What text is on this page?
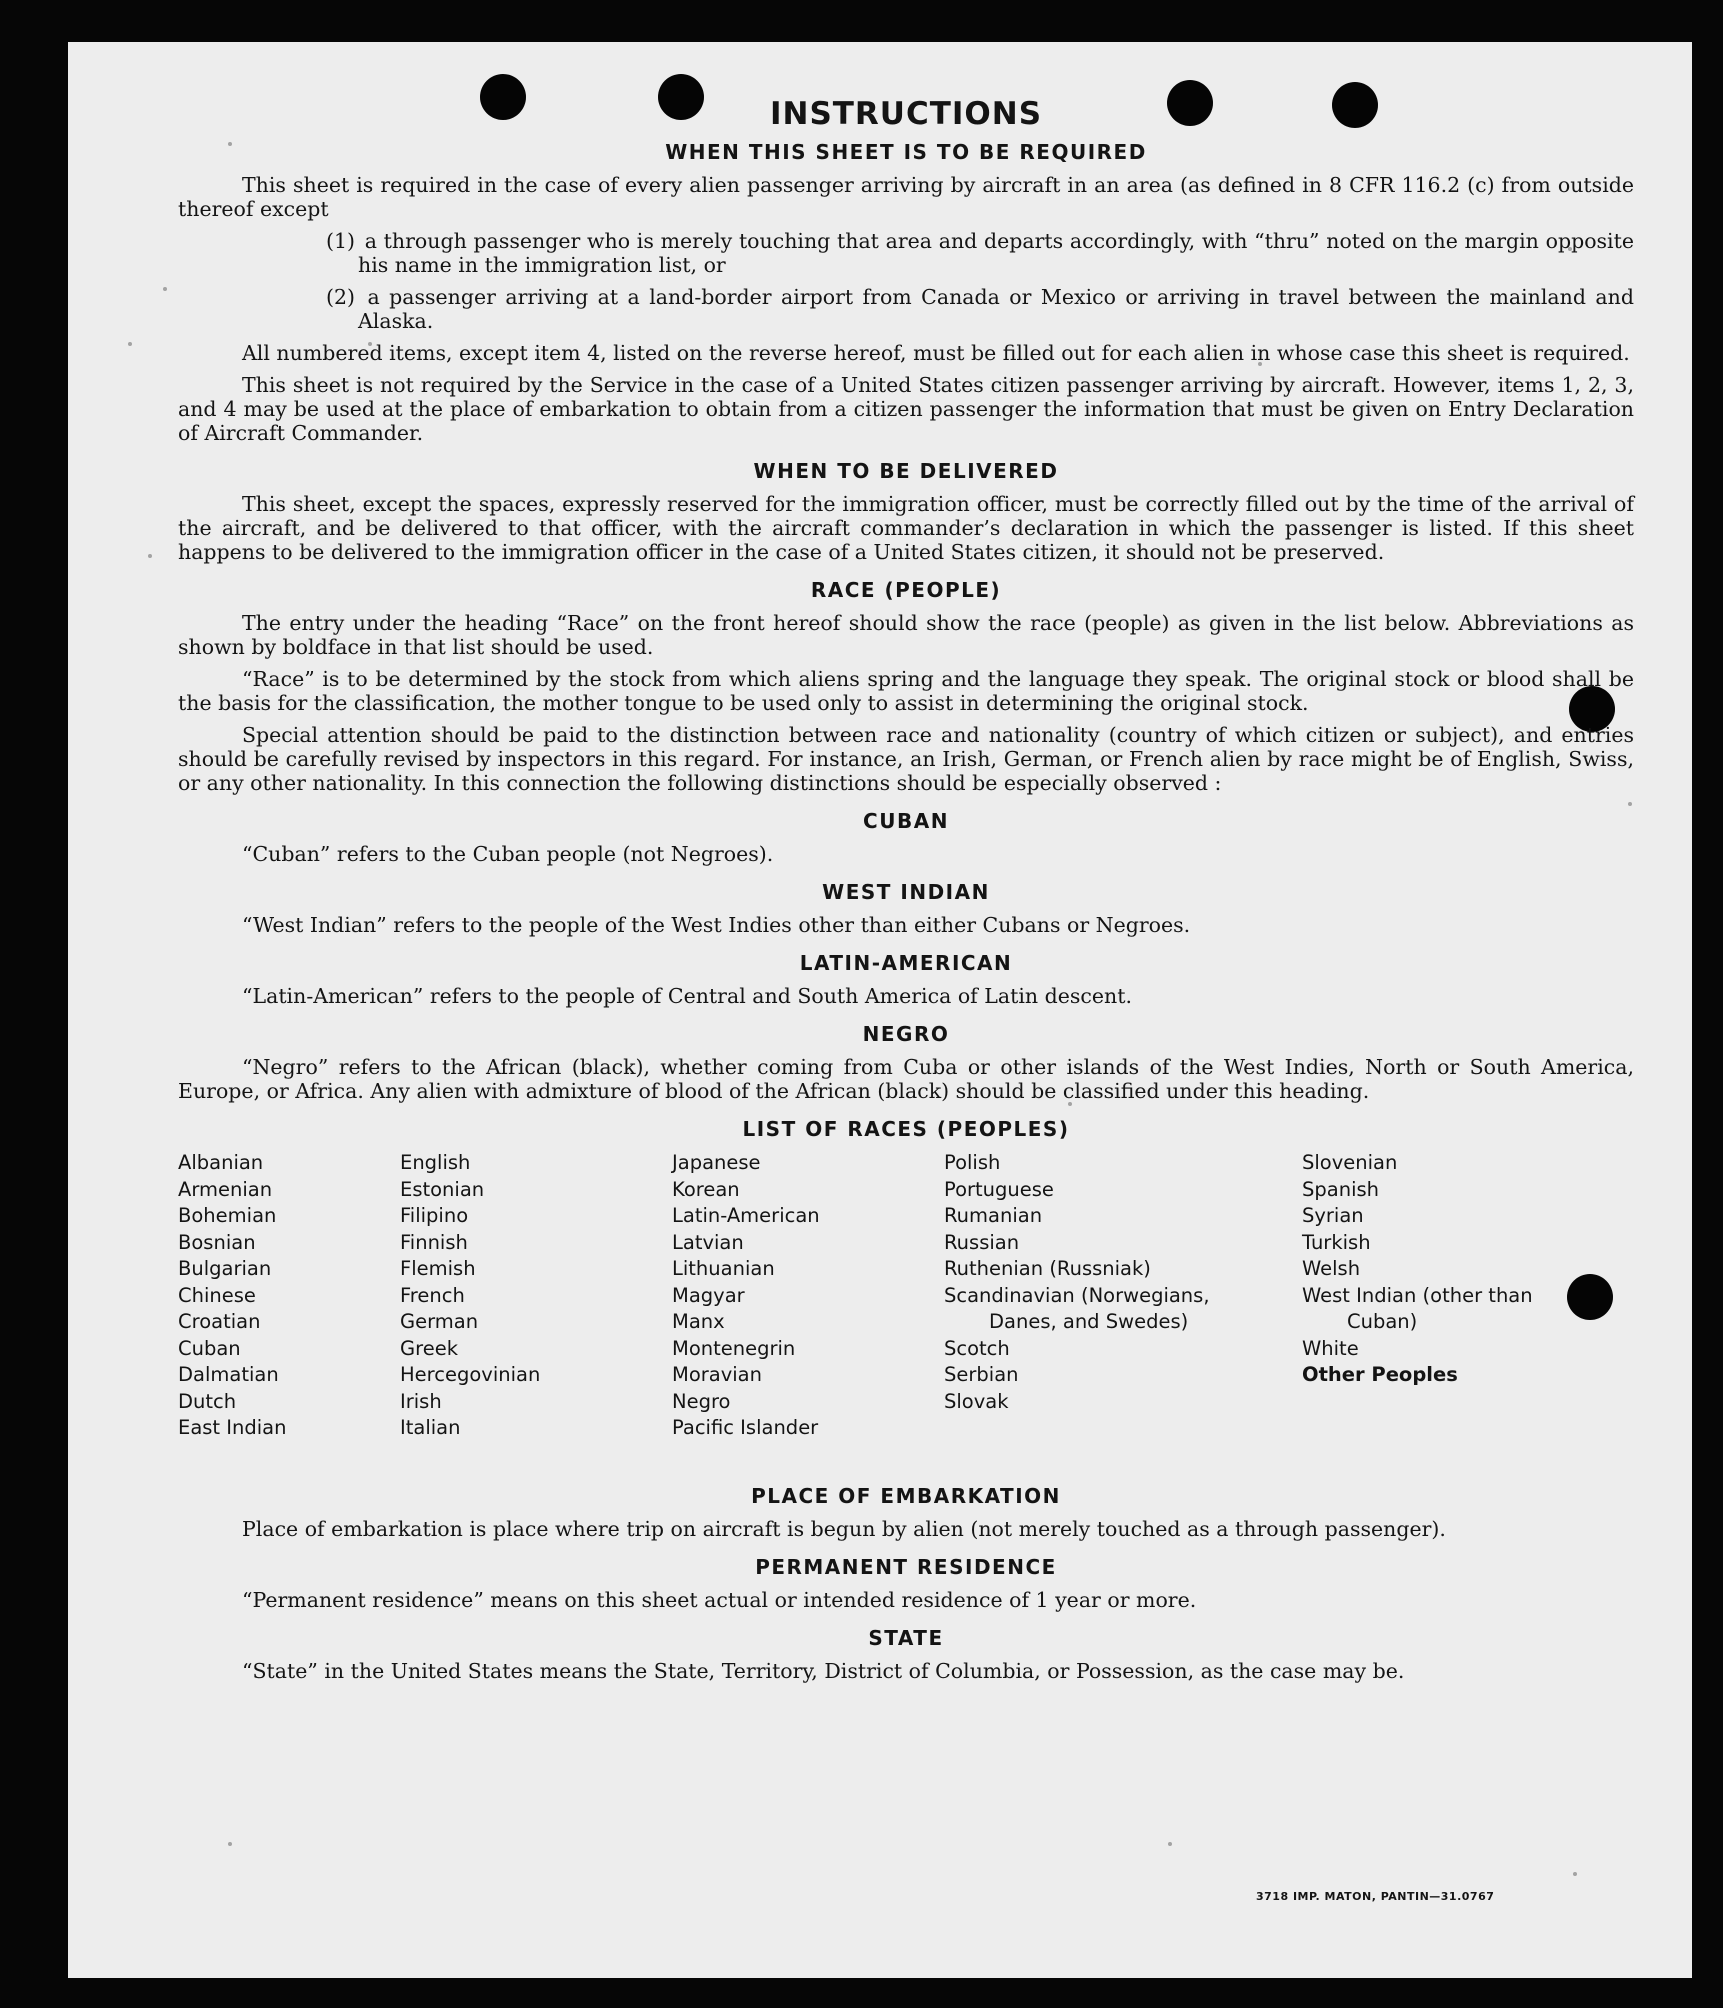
INSTRUCTIONS
WHEN THIS SHEET IS TO BE REQUIRED
This sheet is required in the case of every alien passenger arriving by aircraft in an area (as defined in 8 CFR 116.2 (c) from outside thereof except
(1) a through passenger who is merely touching that area and departs accordingly, with “thru” noted on the margin opposite his name in the immigration list, or
(2) a passenger arriving at a land-border airport from Canada or Mexico or arriving in travel between the mainland and Alaska.
All numbered items, except item 4, listed on the reverse hereof, must be filled out for each alien in whose case this sheet is required.
This sheet is not required by the Service in the case of a United States citizen passenger arriving by aircraft. However, items 1, 2, 3, and 4 may be used at the place of embarkation to obtain from a citizen passenger the information that must be given on Entry Declaration of Aircraft Commander.
WHEN TO BE DELIVERED
This sheet, except the spaces, expressly reserved for the immigration officer, must be correctly filled out by the time of the arrival of the aircraft, and be delivered to that officer, with the aircraft commander’s declaration in which the passenger is listed. If this sheet happens to be delivered to the immigration officer in the case of a United States citizen, it should not be preserved.
RACE (PEOPLE)
The entry under the heading “Race” on the front hereof should show the race (people) as given in the list below. Abbreviations as shown by boldface in that list should be used.
“Race” is to be determined by the stock from which aliens spring and the language they speak. The original stock or blood shall be the basis for the classification, the mother tongue to be used only to assist in determining the original stock.
Special attention should be paid to the distinction between race and nationality (country of which citizen or subject), and entries should be carefully revised by inspectors in this regard. For instance, an Irish, German, or French alien by race might be of English, Swiss, or any other nationality. In this connection the following distinctions should be especially observed :
CUBAN
“Cuban” refers to the Cuban people (not Negroes).
WEST INDIAN
“West Indian” refers to the people of the West Indies other than either Cubans or Negroes.
LATIN-AMERICAN
“Latin-American” refers to the people of Central and South America of Latin descent.
NEGRO
“Negro” refers to the African (black), whether coming from Cuba or other islands of the West Indies, North or South America, Europe, or Africa. Any alien with admixture of blood of the African (black) should be classified under this heading.
LIST OF RACES (PEOPLES)
Albanian
Armenian
Bohemian
Bosnian
Bulgarian
Chinese
Croatian
Cuban
Dalmatian
Dutch
East Indian
English
Estonian
Filipino
Finnish
Flemish
French
German
Greek
Hercegovinian
Irish
Italian
Japanese
Korean
Latin-American
Latvian
Lithuanian
Magyar
Manx
Montenegrin
Moravian
Negro
Pacific Islander
Polish
Portuguese
Rumanian
Russian
Ruthenian (Russniak)
Scandinavian (Norwegians, Danes, and Swedes)
Scotch
Serbian
Slovak
Slovenian
Spanish
Syrian
Turkish
Welsh
West Indian (other than Cuban)
White
Other Peoples
PLACE OF EMBARKATION
Place of embarkation is place where trip on aircraft is begun by alien (not merely touched as a through passenger).
PERMANENT RESIDENCE
“Permanent residence” means on this sheet actual or intended residence of 1 year or more.
STATE
“State” in the United States means the State, Territory, District of Columbia, or Possession, as the case may be.
3718 IMP. MATON, PANTIN—31.0767
